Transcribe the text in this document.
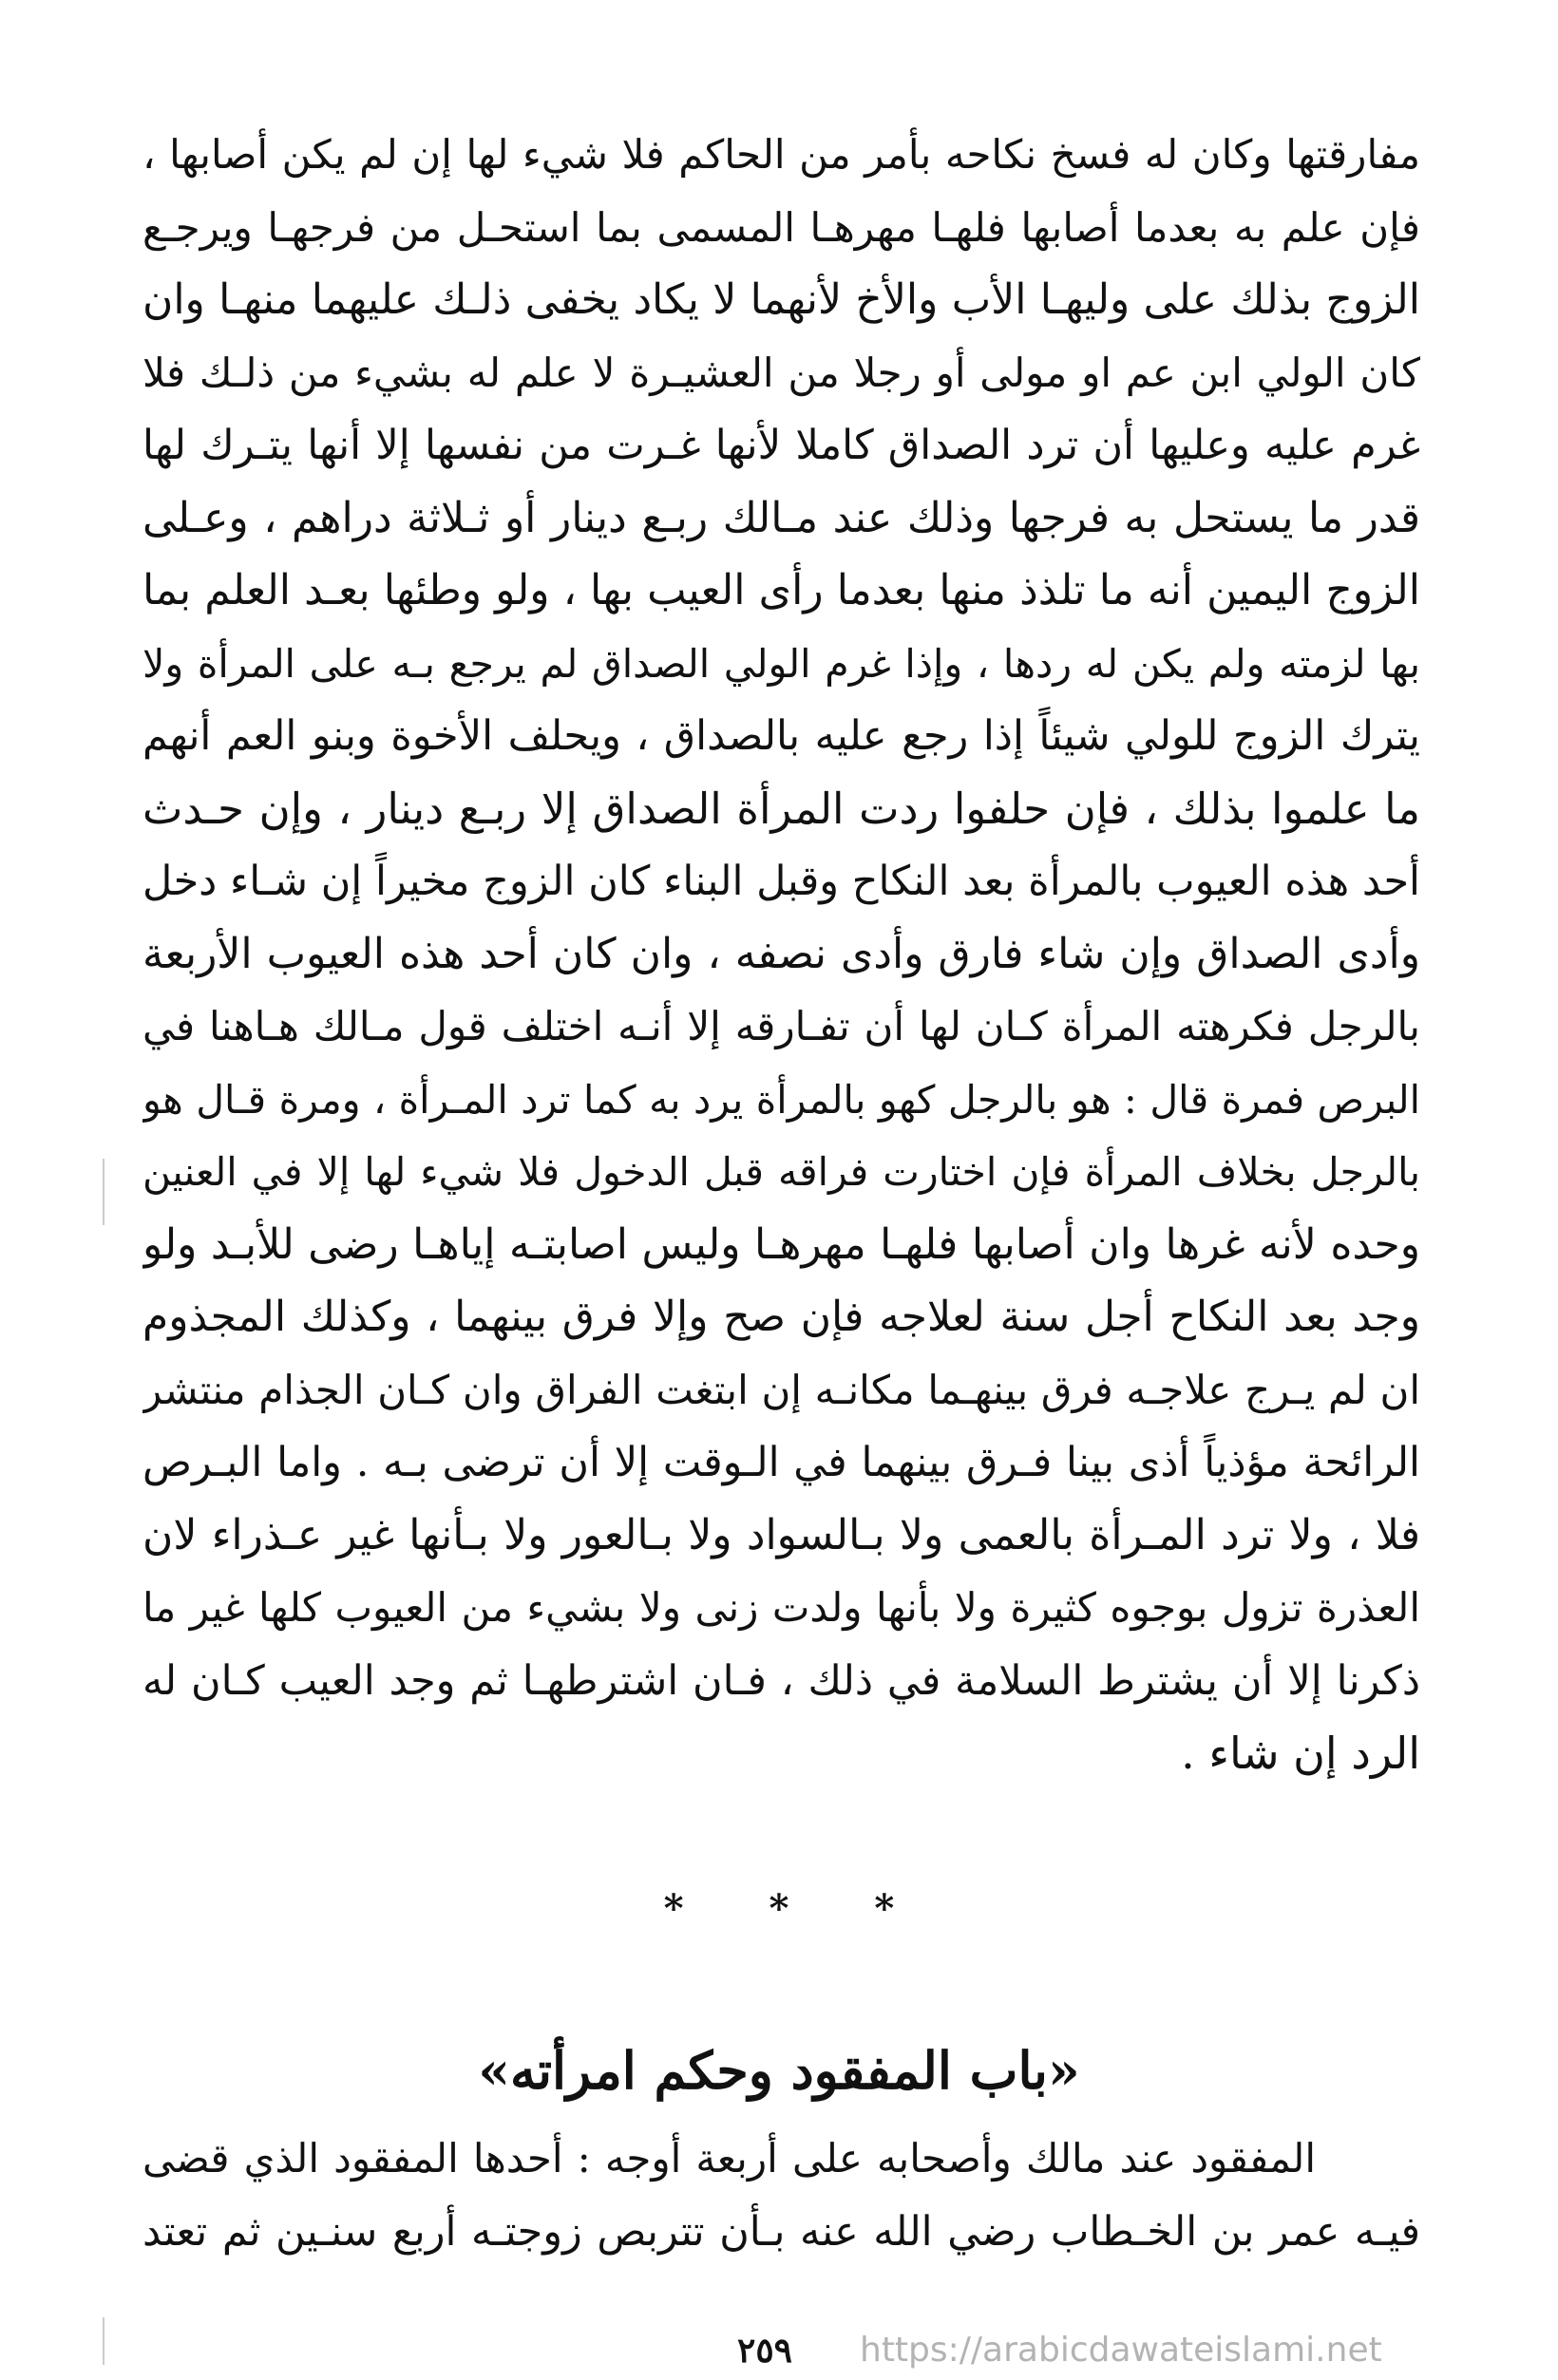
مفارقتها وكان له فسخ نكاحه بأمر من الحاكم فلا شيء لها إن لم يكن أصابها ،
فإن علم به بعدما أصابها فلهـا مهرهـا المسمى بما استحـل من فرجهـا ويرجـع
الزوج بذلك على وليهـا الأب والأخ لأنهما لا يكاد يخفى ذلـك عليهما منهـا وان
كان الولي ابن عم او مولى أو رجلا من العشيـرة لا علم له بشيء من ذلـك فلا
غرم عليه وعليها أن ترد الصداق كاملا لأنها غـرت من نفسها إلا أنها يتـرك لها
قدر ما يستحل به فرجها وذلك عند مـالك ربـع دينار أو ثـلاثة دراهم ، وعـلى
الزوج اليمين أنه ما تلذذ منها بعدما رأى العيب بها ، ولو وطئها بعـد العلم بما
بها لزمته ولم يكن له ردها ، وإذا غرم الولي الصداق لم يرجع بـه على المرأة ولا
يترك الزوج للولي شيئاً إذا رجع عليه بالصداق ، ويحلف الأخوة وبنو العم أنهم
ما علموا بذلك ، فإن حلفوا ردت المرأة الصداق إلا ربـع دينار ، وإن حـدث
أحد هذه العيوب بالمرأة بعد النكاح وقبل البناء كان الزوج مخيراً إن شـاء دخل
وأدى الصداق وإن شاء فارق وأدى نصفه ، وان كان أحد هذه العيوب الأربعة
بالرجل فكرهته المرأة كـان لها أن تفـارقه إلا أنـه اختلف قول مـالك هـاهنا في
البرص فمرة قال : هو بالرجل كهو بالمرأة يرد به كما ترد المـرأة ، ومرة قـال هو
بالرجل بخلاف المرأة فإن اختارت فراقه قبل الدخول فلا شيء لها إلا في العنين
وحده لأنه غرها وان أصابها فلهـا مهرهـا وليس اصابتـه إياهـا رضى للأبـد ولو
وجد بعد النكاح أجل سنة لعلاجه فإن صح وإلا فرق بينهما ، وكذلك المجذوم
ان لم يـرج علاجـه فرق بينهـما مكانـه إن ابتغت الفراق وان كـان الجذام منتشر
الرائحة مؤذياً أذى بينا فـرق بينهما في الـوقت إلا أن ترضى بـه . واما البـرص
فلا ، ولا ترد المـرأة بالعمى ولا بـالسواد ولا بـالعور ولا بـأنها غير عـذراء لان
العذرة تزول بوجوه كثيرة ولا بأنها ولدت زنى ولا بشيء من العيوب كلها غير ما
ذكرنا إلا أن يشترط السلامة في ذلك ، فـان اشترطهـا ثم وجد العيب كـان له
الرد إن شاء .
* * *
«باب المفقود وحكم امرأته»
المفقود عند مالك وأصحابه على أربعة أوجه : أحدها المفقود الذي قضى
فيـه عمر بن الخـطاب رضي الله عنه بـأن تتربص زوجتـه أربع سنـين ثم تعتد
٢٥٩	https://arabicdawateislami.net
